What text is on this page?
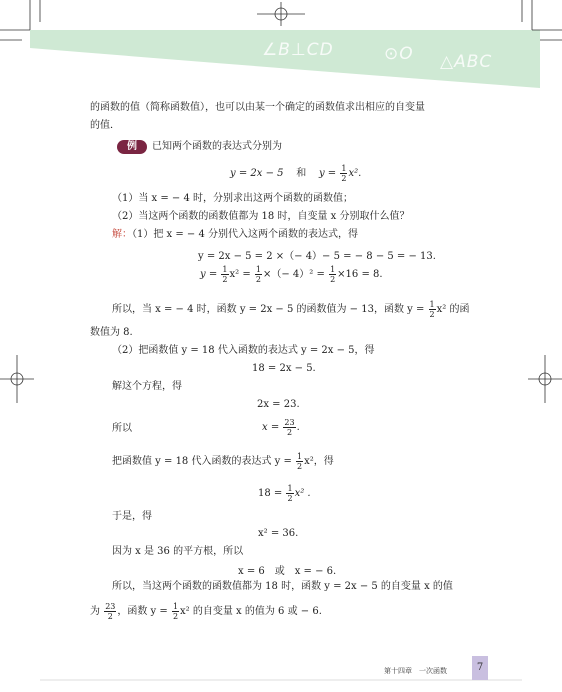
∠B⊥CD	⊙O △ABC
的函数的值（简称函数值），也可以由某一个确定的函数值求出相应的自变量
的值．
例	已知两个函数的表达式分别为
y = 2x − 5 和 $y = \frac{1}{2} x^2$.
（1）当 x = − 4 时，分别求出这两个函数的函数值；
（2）当这两个函数的函数值都为 18 时，自变量 x 分别取什么值？
解：（1）把 x = − 4 分别代入这两个函数的表达式，得
y = 2x − 5 = 2 ×（− 4）− 5 = − 8 − 5 = − 13.
$y = \frac{1}{2} x^2 = \frac{1}{2}$ ×（− $4)^2 = \frac{1}{2} \times 16 = 8$.
所以，当 x = − 4 时，函数 y = 2x − 5 的函数值为 − 13，函数 $y = \frac{1}{2} x^2$ 的函
数值为 8.
（2）把函数值 y = 18 代入函数的表达式 y = 2x − 5，得
18 = 2x − 5.
解这个方程，得
2x = 23.
所以	$x = \frac{23}{2}$ .
把函数值 y = 18 代入函数的表达式 $y = \frac{1}{2} x^2$，得
$18 = \frac{1}{2} x^2$ .
于是，得
x² = 36.
因为 x 是 36 的平方根，所以
x = 6　或　x = − 6.
所以，当这两个函数的函数值都为 18 时，函数 y = 2x − 5 的自变量 x 的值
为 $\frac{23}{2}$ ，函数 $y = \frac{1}{2} x^2$ 的自变量 x 的值为 6 或 − 6.
第十四章　一次函数	7
